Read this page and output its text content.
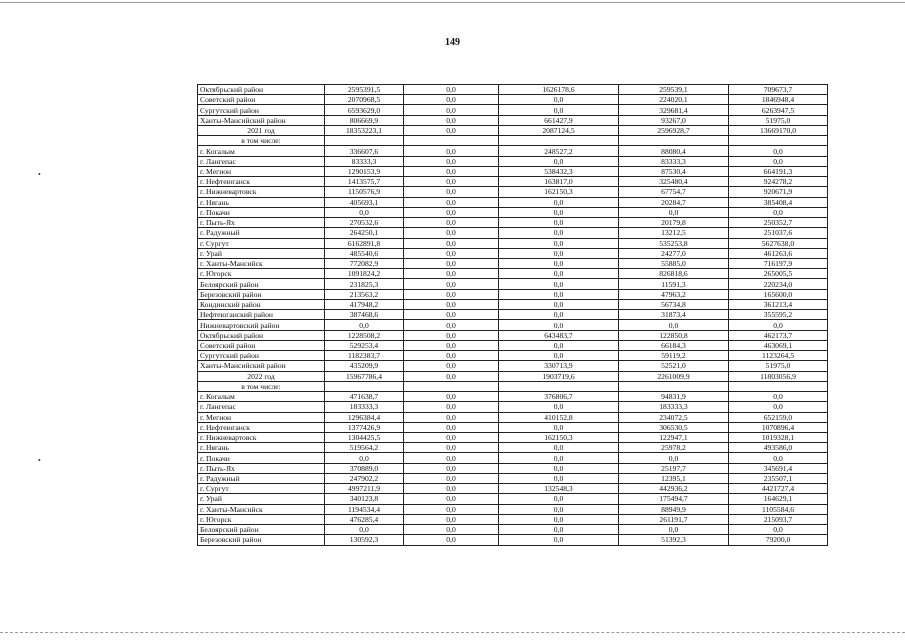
149
•
•
Октябрьский район	2595391,5	0,0	1626178,6	259539,1	709673,7
Советский район	2070968,5	0,0	0,0	224020,1	1846948,4
Сургутский район	6593629,0	0,0	0,0	329681,4	6263947,5
Ханты-Мансийский район	806669,9	0,0	661427,9	93267,0	51975,0
2021 год	18353223,1	0,0	2087124,5	2596928,7	13669170,0
в том числе:					
г. Когалым	336607,6	0,0	248527,2	88080,4	0,0
г. Лангепас	83333,3	0,0	0,0	83333,3	0,0
г. Мегион	1290153,9	0,0	538432,3	87530,4	664191,3
г. Нефтеюганск	1413575,7	0,0	163817,0	325480,4	924278,2
г. Нижневартовск	1150576,9	0,0	162150,3	67754,7	920671,9
г. Нягань	405693,1	0,0	0,0	20284,7	385408,4
г. Покачи	0,0	0,0	0,0	0,0	0,0
г. Пыть-Ях	270532,6	0,0	0,0	20179,8	250352,7
г. Радужный	264250,1	0,0	0,0	13212,5	251037,6
г. Сургут	6162891,8	0,0	0,0	535253,8	5627638,0
г. Урай	485540,6	0,0	0,0	24277,0	461263,6
г. Ханты-Мансийск	772082,9	0,0	0,0	55885,0	716197,9
г. Югорск	1091824,2	0,0	0,0	826818,6	265005,5
Белоярский район	231825,3	0,0	0,0	11591,3	220234,0
Березовский район	213563,2	0,0	0,0	47963,2	165600,0
Кондинский район	417948,2	0,0	0,0	56734,8	361213,4
Нефтеюганский район	387468,6	0,0	0,0	31873,4	355595,2
Нижневартовский район	0,0	0,0	0,0	0,0	0,0
Октябрьский район	1228508,2	0,0	643483,7	122850,8	462173,7
Советский район	529253,4	0,0	0,0	66184,3	463069,1
Сургутский район	1182383,7	0,0	0,0	59119,2	1123264,5
Ханты-Мансийский район	435209,9	0,0	330713,9	52521,0	51975,0
2022 год	15967786,4	0,0	1903719,6	2261009,9	11803056,9
в том числе:					
г. Когалым	471638,7	0,0	376806,7	94831,9	0,0
г. Лангепас	183333,3	0,0	0,0	183333,3	0,0
г. Мегион	1296384,4	0,0	410152,8	234072,5	652159,0
г. Нефтеюганск	1377426,9	0,0	0,0	306530,5	1070896,4
г. Нижневартовск	1304425,5	0,0	162150,3	122947,1	1019328,1
г. Нягань	519564,2	0,0	0,0	25978,2	493586,0
г. Покачи	0,0	0,0	0,0	0,0	0,0
г. Пыть-Ях	370889,0	0,0	0,0	25197,7	345691,4
г. Радужный	247902,2	0,0	0,0	12395,1	235507,1
г. Сургут	4997211,9	0,0	132548,3	442936,2	4421727,4
г. Урай	340123,8	0,0	0,0	175494,7	164629,1
г. Ханты-Мансийск	1194534,4	0,0	0,0	88949,9	1105584,6
г. Югорск	476285,4	0,0	0,0	261191,7	215093,7
Белоярский район	0,0	0,0	0,0	0,0	0,0
Березовский район	130592,3	0,0	0,0	51392,3	79200,0
